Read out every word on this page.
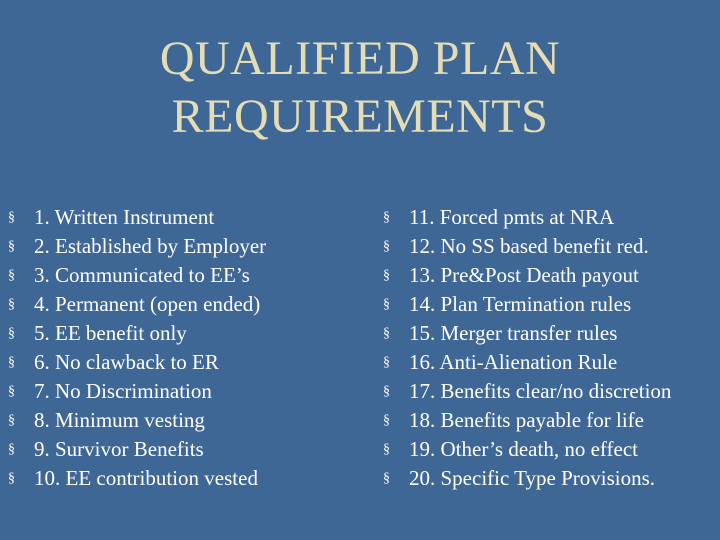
QUALIFIED PLAN
REQUIREMENTS
§ 1. Written Instrument
§ 2. Established by Employer
§ 3. Communicated to EE’s
§ 4. Permanent (open ended)
§ 5. EE benefit only
§ 6. No clawback to ER
§ 7. No Discrimination
§ 8. Minimum vesting
§ 9. Survivor Benefits
§ 10. EE contribution vested
§ 11. Forced pmts at NRA
§ 12. No SS based benefit red.
§ 13. Pre&Post Death payout
§ 14. Plan Termination rules
§ 15. Merger transfer rules
§ 16. Anti-Alienation Rule
§ 17. Benefits clear/no discretion
§ 18. Benefits payable for life
§ 19. Other’s death, no effect
§ 20. Specific Type Provisions.
